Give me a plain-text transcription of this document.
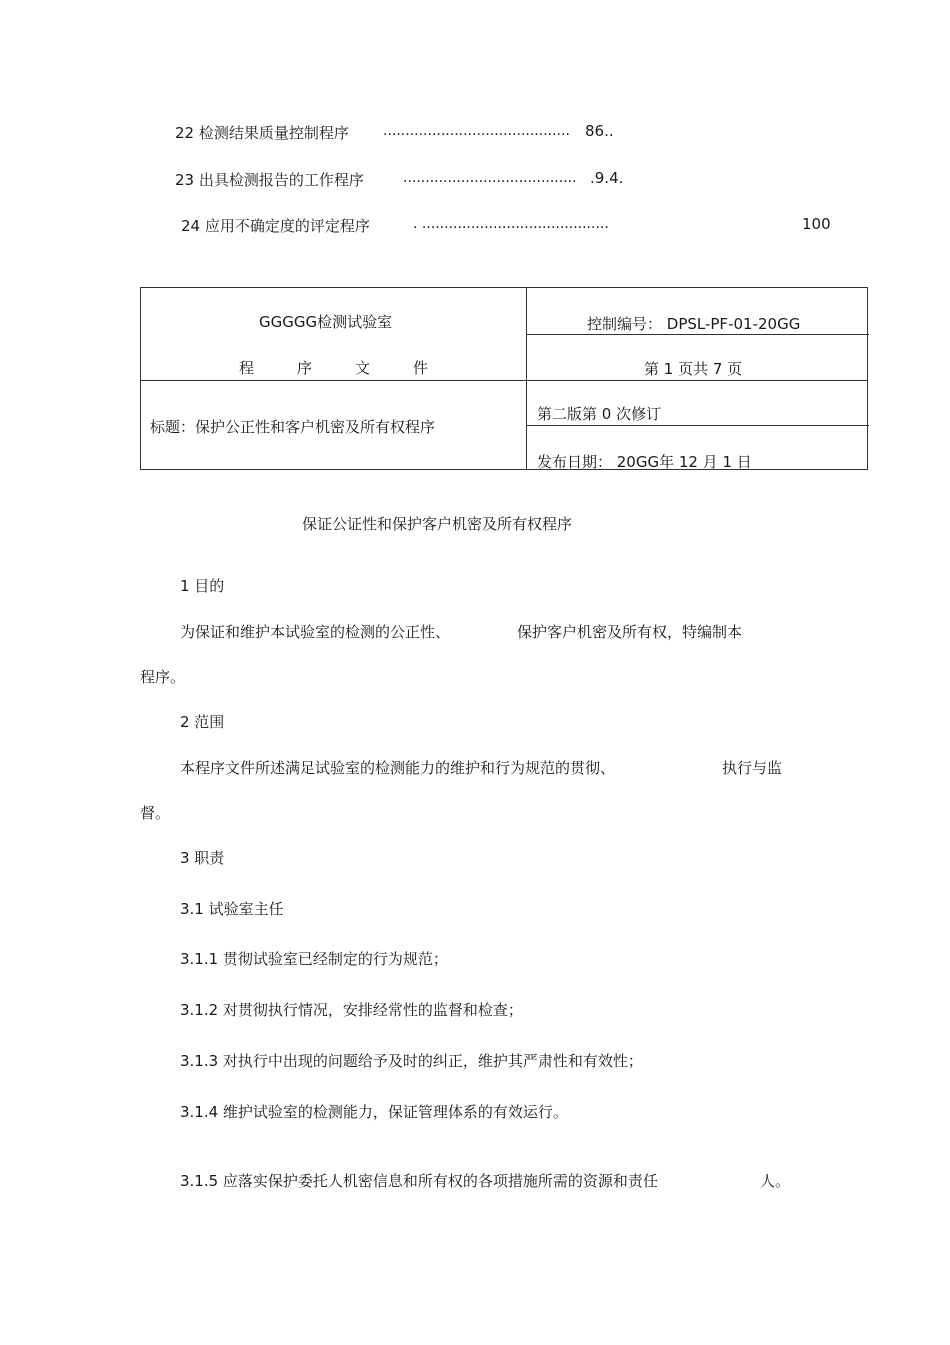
22 检测结果质量控制程序 .......................................... 86..
23 出具检测报告的工作程序	....................................... .9.4.
24 应用不确定度的评定程序	. ..........................................	100
GGGGG检测试验室
程	序	文	件
控制编号： DPSL-PF-01-20GG
第 1 页共 7 页
标题：保护公正性和客户机密及所有权程序
第二版第 0 次修订
发布日期： 20GG年 12 月 1 日
保证公证性和保护客户机密及所有权程序
1 目的
为保证和维护本试验室的检测的公正性、	保护客户机密及所有权，特编制本
程序。
2 范围
本程序文件所述满足试验室的检测能力的维护和行为规范的贯彻、	执行与监
督。
3 职责
3.1 试验室主任
3.1.1 贯彻试验室已经制定的行为规范；
3.1.2 对贯彻执行情况，安排经常性的监督和检查；
3.1.3 对执行中出现的问题给予及时的纠正，维护其严肃性和有效性；
3.1.4 维护试验室的检测能力，保证管理体系的有效运行。
3.1.5 应落实保护委托人机密信息和所有权的各项措施所需的资源和责任	人。
